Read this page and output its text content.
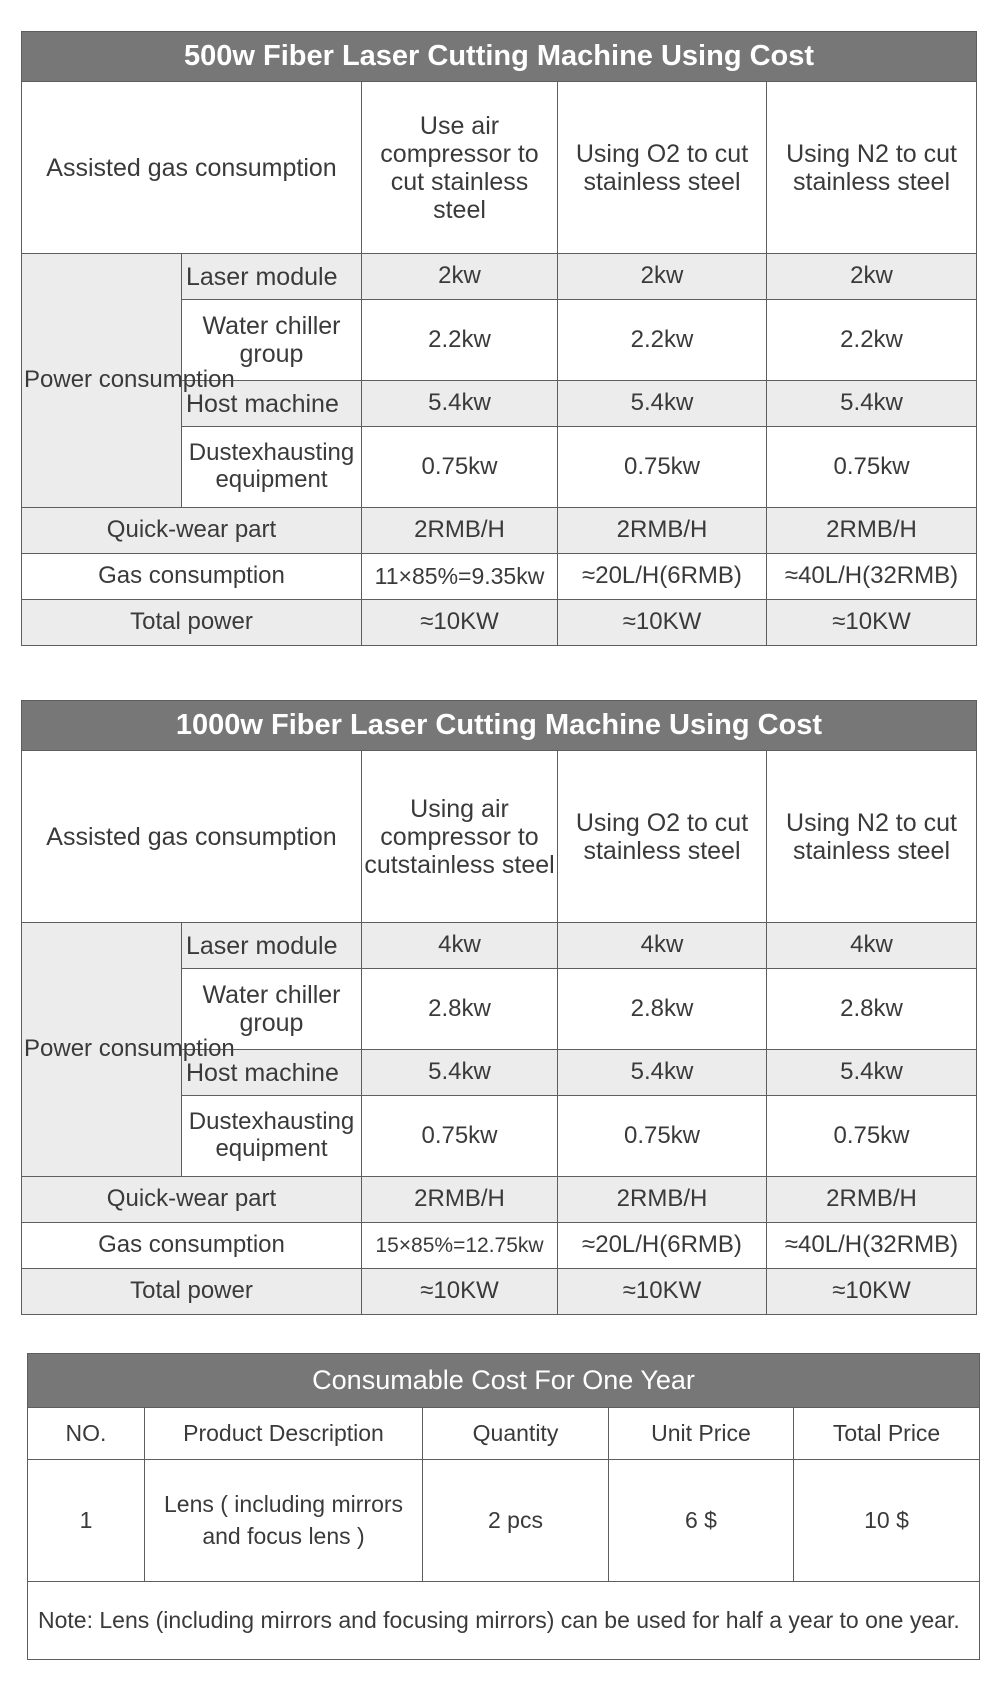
500w Fiber Laser Cutting Machine Using Cost				
Assisted gas consumption		Use air compressor to cut stainless steel	Using O2 to cut stainless steel	Using N2 to cut stainless steel
Power consumption	Laser module	2kw	2kw	2kw
	Water chiller group	2.2kw	2.2kw	2.2kw
	Host machine	5.4kw	5.4kw	5.4kw
	Dustexhausting equipment	0.75kw	0.75kw	0.75kw
Quick-wear part		2RMB/H	2RMB/H	2RMB/H
Gas consumption		11×85%=9.35kw	≈20L/H(6RMB)	≈40L/H(32RMB)
Total power		≈10KW	≈10KW	≈10KW
1000w Fiber Laser Cutting Machine Using Cost				
Assisted gas consumption		Using air compressor to cutstainless steel	Using O2 to cut stainless steel	Using N2 to cut stainless steel
Power consumption	Laser module	4kw	4kw	4kw
	Water chiller group	2.8kw	2.8kw	2.8kw
	Host machine	5.4kw	5.4kw	5.4kw
	Dustexhausting equipment	0.75kw	0.75kw	0.75kw
Quick-wear part		2RMB/H	2RMB/H	2RMB/H
Gas consumption		15×85%=12.75kw	≈20L/H(6RMB)	≈40L/H(32RMB)
Total power		≈10KW	≈10KW	≈10KW
Consumable Cost For One Year				
NO.	Product Description	Quantity	Unit Price	Total Price
1	Lens ( including mirrors and focus lens )	2 pcs	6 $	10 $
Note: Lens (including mirrors and focusing mirrors) can be used for half a year to one year.				
